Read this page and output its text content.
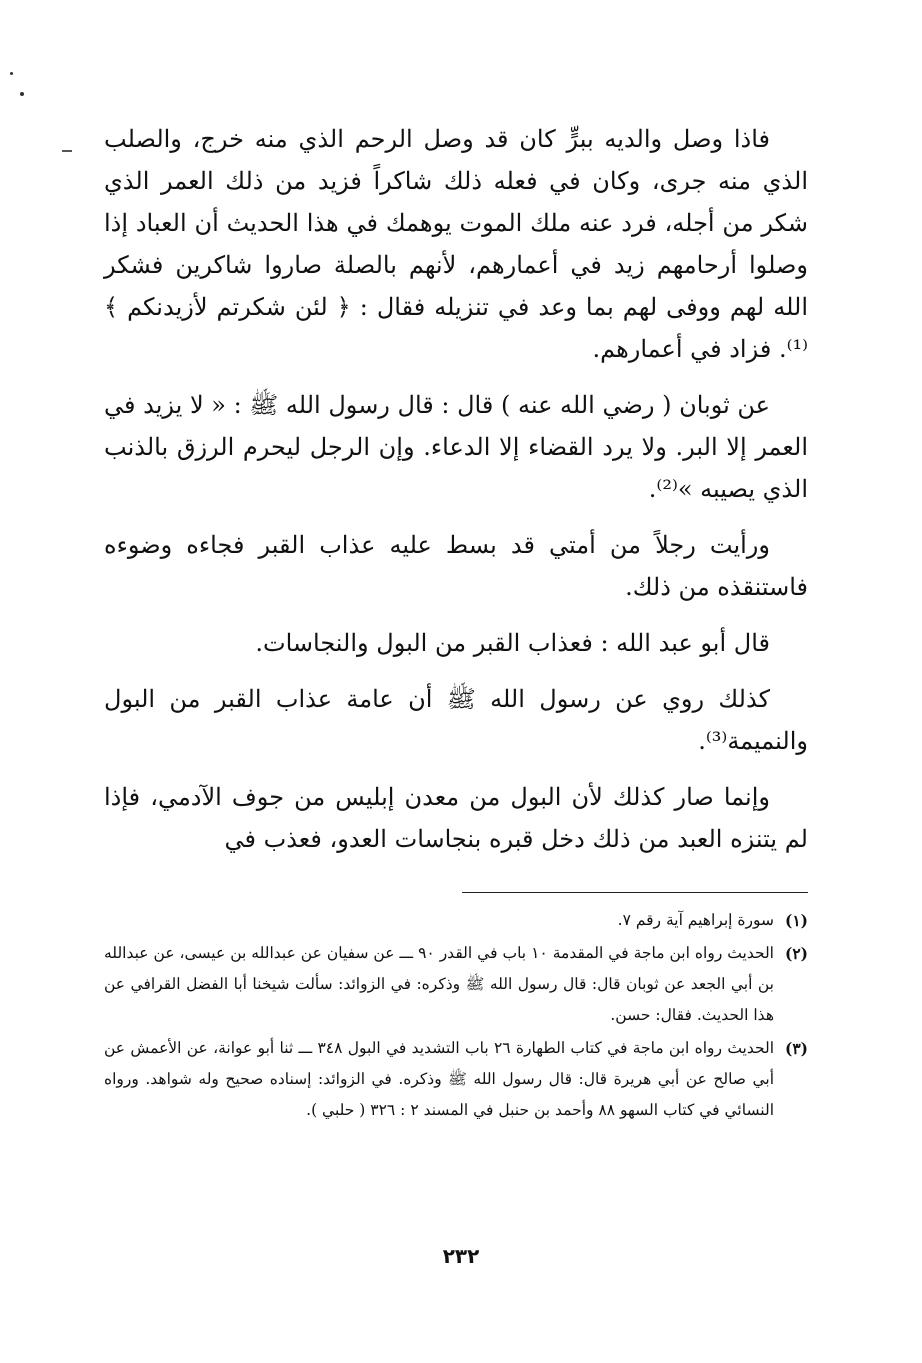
فاذا وصل والديه ببرٍّ كان قد وصل الرحم الذي منه خرج، والصلب الذي منه جرى، وكان في فعله ذلك شاكراً فزيد من ذلك العمر الذي شكر من أجله، فرد عنه ملك الموت يوهمك في هذا الحديث أن العباد إذا وصلوا أرحامهم زيد في أعمارهم، لأنهم بالصلة صاروا شاكرين فشكر الله لهم ووفى لهم بما وعد في تنزيله فقال : ﴿ لئن شكرتم لأزيدنكم ﴾⁽¹⁾. فزاد في أعمارهم.

عن ثوبان ( رضي الله عنه ) قال : قال رسول الله ﷺ : « لا يزيد في العمر إلا البر. ولا يرد القضاء إلا الدعاء. وإن الرجل ليحرم الرزق بالذنب الذي يصيبه »⁽²⁾.

ورأيت رجلاً من أمتي قد بسط عليه عذاب القبر فجاءه وضوءه فاستنقذه من ذلك.

قال أبو عبد الله : فعذاب القبر من البول والنجاسات.

كذلك روي عن رسول الله ﷺ أن عامة عذاب القبر من البول والنميمة⁽³⁾.

وإنما صار كذلك لأن البول من معدن إبليس من جوف الآدمي، فإذا لم يتنزه العبد من ذلك دخل قبره بنجاسات العدو، فعذب في

(١)
سورة إبراهيم آية رقم ٧.
(٢)
الحديث رواه ابن ماجة في المقدمة ١٠ باب في القدر ٩٠ ـــ عن سفيان عن عبدالله بن عيسى، عن عبدالله بن أبي الجعد عن ثوبان قال: قال رسول الله ﷺ وذكره: في الزوائد: سألت شيخنا أبا الفضل القرافي عن هذا الحديث. فقال: حسن.
(٣)
الحديث رواه ابن ماجة في كتاب الطهارة ٢٦ باب التشديد في البول ٣٤٨ ـــ ثنا أبو عوانة، عن الأعمش عن أبي صالح عن أبي هريرة قال: قال رسول الله ﷺ وذكره. في الزوائد: إسناده صحيح وله شواهد. ورواه النسائي في كتاب السهو ٨٨ وأحمد بن حنبل في المسند ٢ : ٣٢٦ ( حلبي ).
٢٣٢
